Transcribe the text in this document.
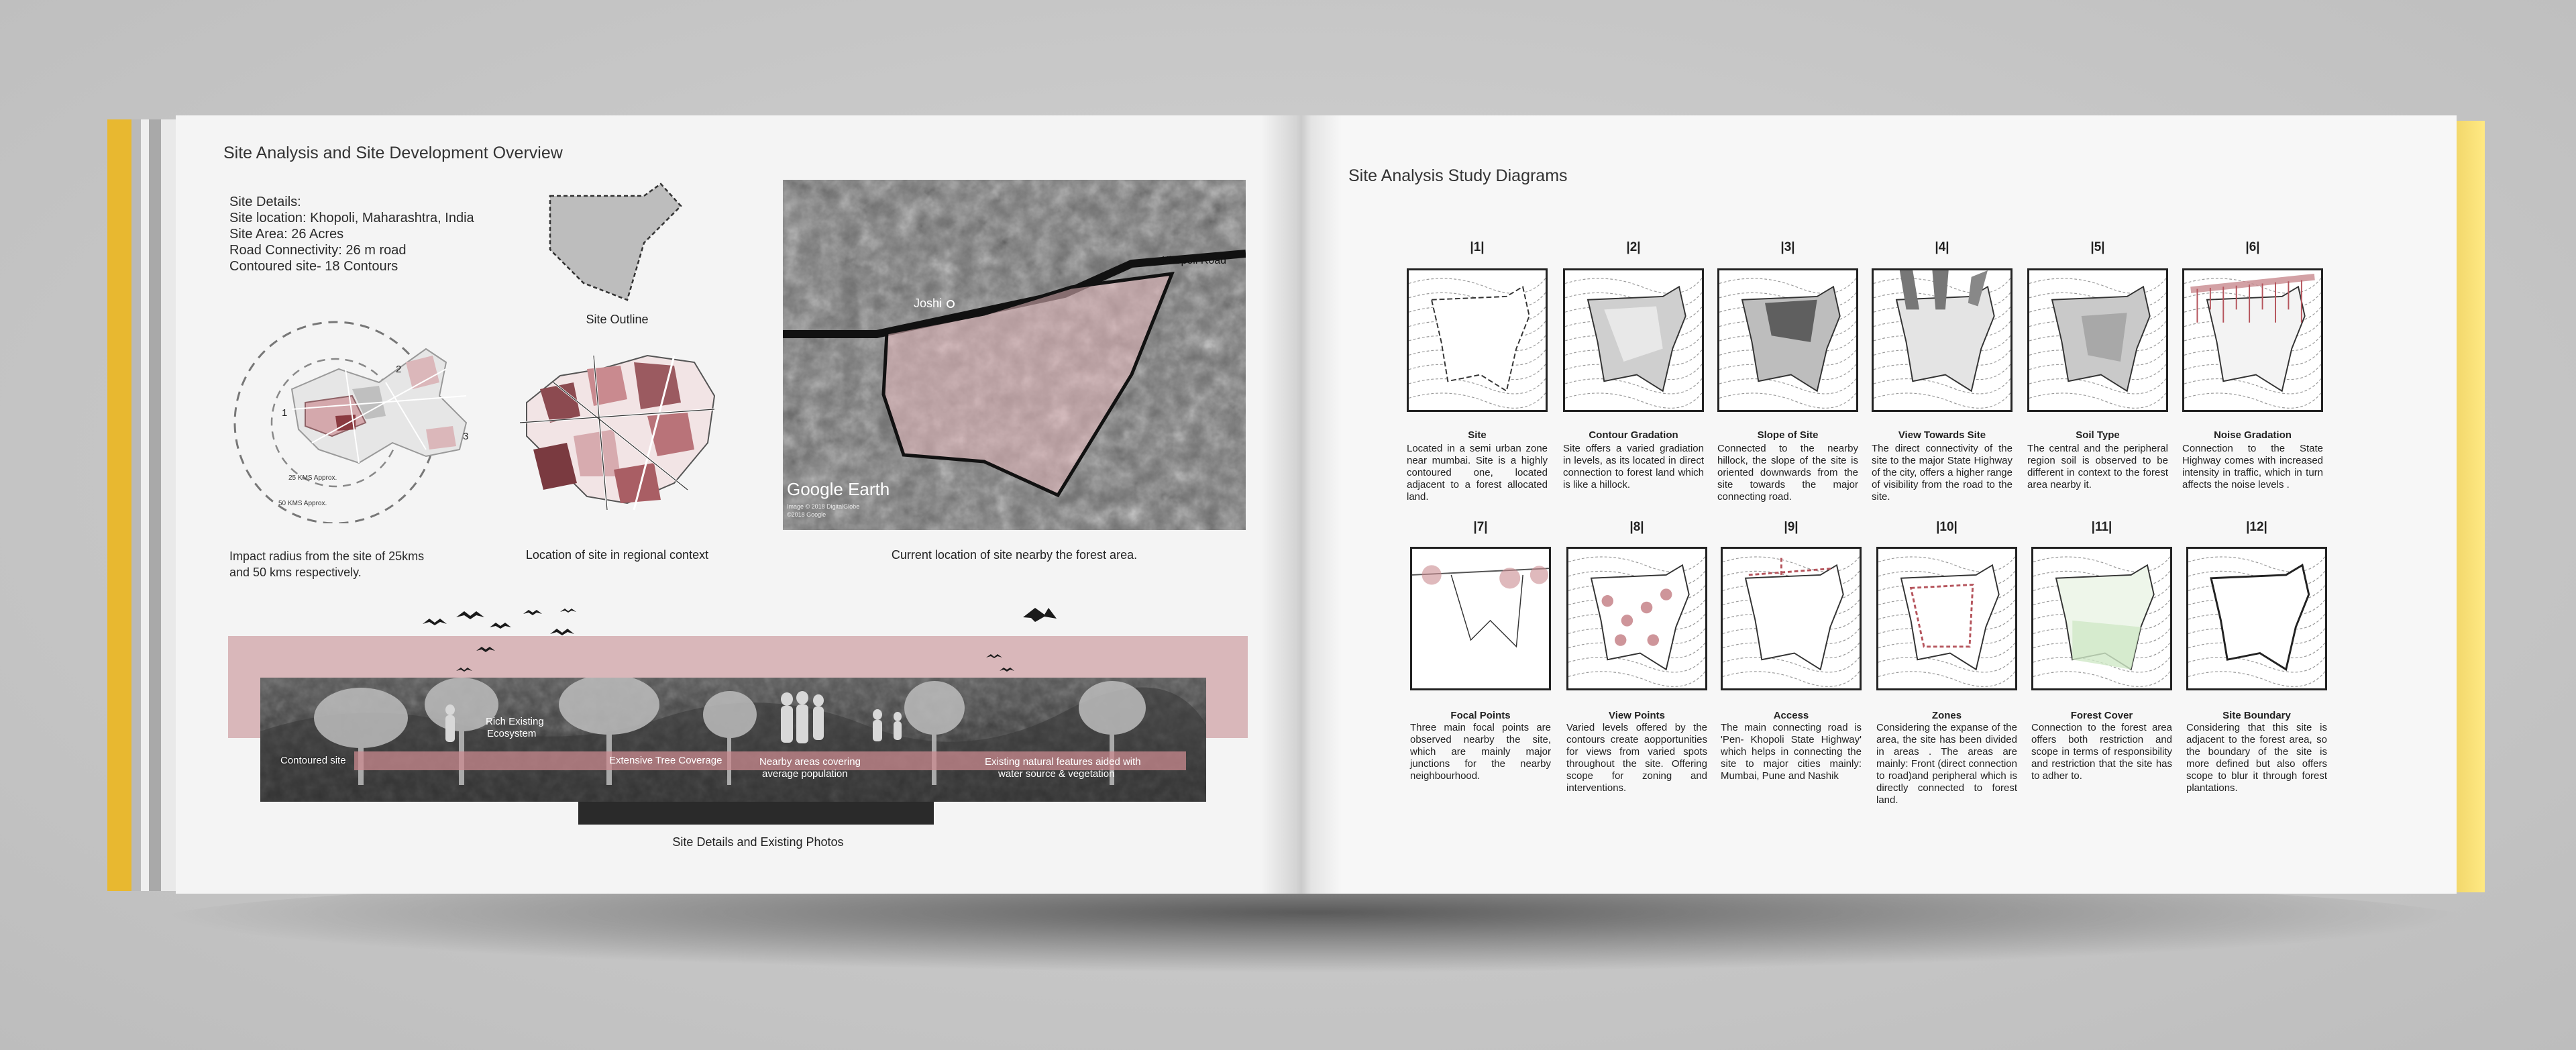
Site Analysis and Site Development Overview
Site Details:
Site location: Khopoli, Maharashtra, India
Site Area: 26 Acres
Road Connectivity: 26 m road
Contoured site- 18 Contours
Site Outline
1
2
3
25 KMS Approx.
50 KMS Approx.
Impact radius from the site of 25kms
and 50 kms respectively.
Location of site in regional context
Joshi
Khopoli Road
Google Earth
Image © 2018 DigitalGlobe
©2018 Google
Current location of site nearby the forest area.
Contoured site
Rich Existing
Ecosystem
Extensive Tree Coverage	Nearby areas covering
average population
Existing natural features aided with
water source & vegetation
Site Details and Existing Photos
Site Analysis Study Diagrams
|1|
Site
Located in a semi urban zone near mumbai. Site is a highly contoured one, located adjacent to a forest allocated land.
|2|
Contour Gradation
Site offers a varied gradiation in levels, as its located in direct connection to forest land which is like a hillock.
|3|
Slope of Site
Connected to the nearby hillock, the slope of the site is oriented downwards from the site towards the major connecting road.
|4|
View Towards Site
The direct connectivity of the site to the major State Highway of the city, offers a higher range of visibility from the road to the site.
|5|
Soil Type
The central and the peripheral region soil is observed to be different in context to the forest area nearby it.
|6|
Noise Gradation
Connection to the State Highway comes with increased intensity in traffic, which in turn affects the noise levels .
|7|
Focal Points
Three main focal points are observed nearby the site, which are mainly major junctions for the nearby neighbourhood.
|8|
View Points
Varied levels offered by the contours create aopportunities for views from varied spots throughout the site. Offering scope for zoning and interventions.
|9|
Access
The main connecting road is 'Pen- Khopoli State Highway' which helps in connecting the site to major cities mainly: Mumbai, Pune and Nashik
|10|
Zones
Considering the expanse of the area, the site has been divided in areas . The areas are mainly: Front (direct connection to road)and peripheral which is directly connected to forest land.
|11|
Forest Cover
Connection to the forest area offers both restriction and scope in terms of responsibility and restriction that the site has to adher to.
|12|
Site Boundary
Considering that this site is adjacent to the forest area, so the boundary of the site is more defined but also offers scope to blur it through forest plantations.
